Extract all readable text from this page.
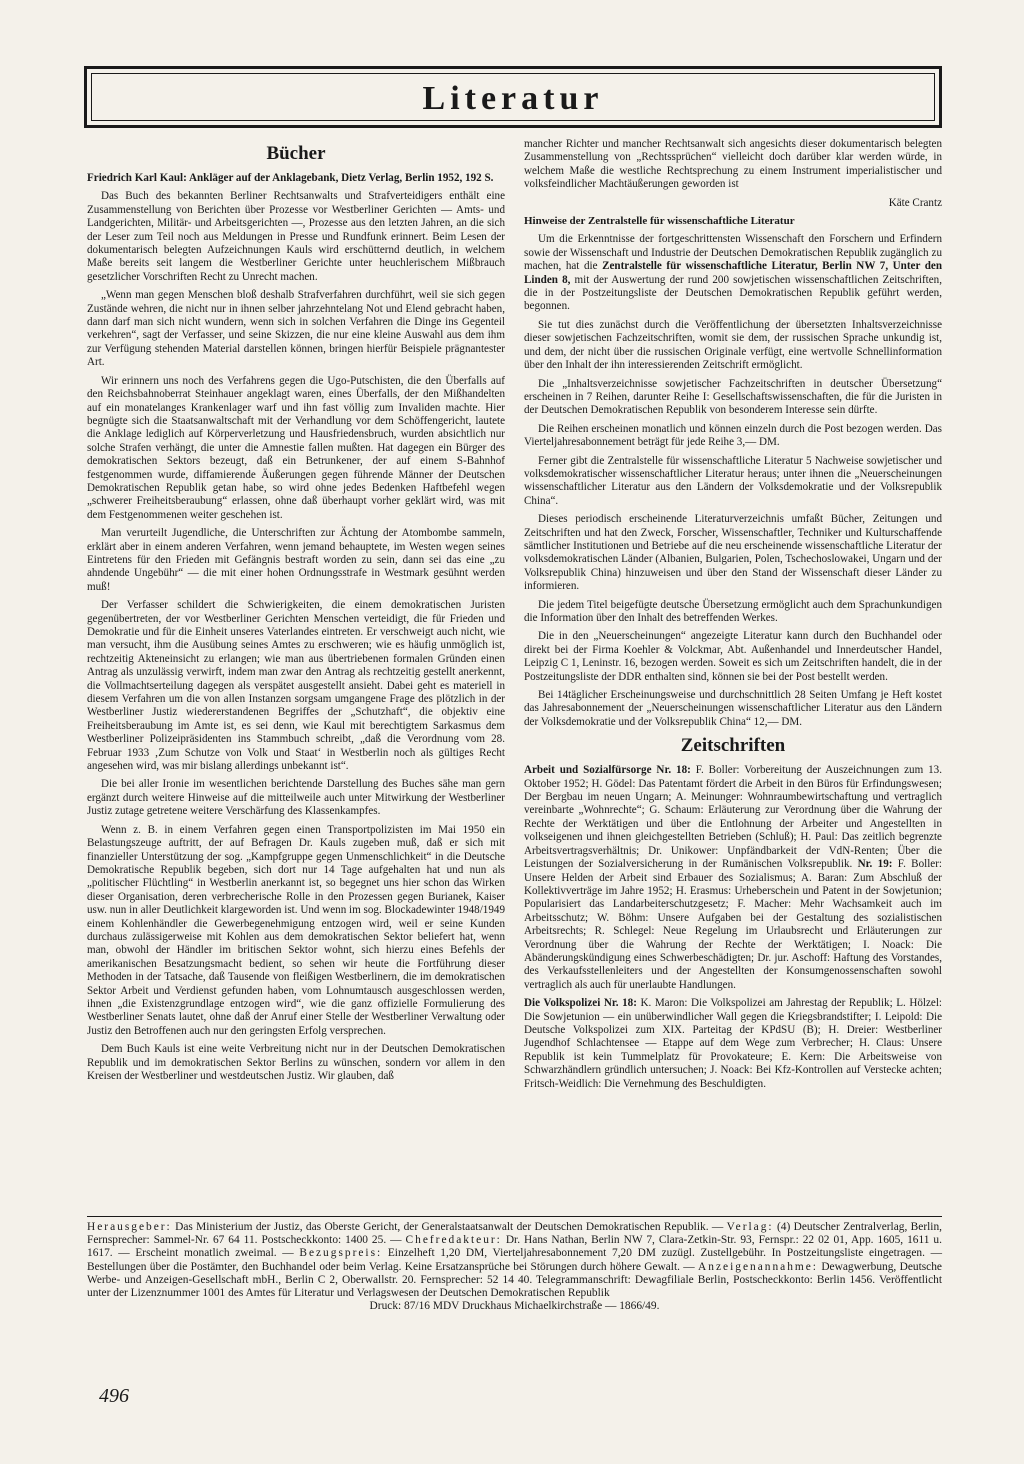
Literatur
Bücher

Friedrich Karl Kaul: Ankläger auf der Anklagebank, Dietz Verlag, Berlin 1952, 192 S.

Das Buch des bekannten Berliner Rechtsanwalts und Strafverteidigers enthält eine Zusammenstellung von Berichten über Prozesse vor Westberliner Gerichten — Amts- und Landgerichten, Militär- und Arbeitsgerichten —, Prozesse aus den letzten Jahren, an die sich der Leser zum Teil noch aus Meldungen in Presse und Rundfunk erinnert. Beim Lesen der dokumentarisch belegten Aufzeichnungen Kauls wird erschütternd deutlich, in welchem Maße bereits seit langem die Westberliner Gerichte unter heuchlerischem Mißbrauch gesetzlicher Vorschriften Recht zu Unrecht machen.

„Wenn man gegen Menschen bloß deshalb Strafverfahren durchführt, weil sie sich gegen Zustände wehren, die nicht nur in ihnen selber jahrzehntelang Not und Elend gebracht haben, dann darf man sich nicht wundern, wenn sich in solchen Verfahren die Dinge ins Gegenteil verkehren“, sagt der Verfasser, und seine Skizzen, die nur eine kleine Auswahl aus dem ihm zur Verfügung stehenden Material darstellen können, bringen hierfür Beispiele prägnantester Art.

Wir erinnern uns noch des Verfahrens gegen die Ugo-Putschisten, die den Überfalls auf den Reichsbahnoberrat Steinhauer angeklagt waren, eines Überfalls, der den Mißhandelten auf ein monatelanges Krankenlager warf und ihn fast völlig zum Invaliden machte. Hier begnügte sich die Staatsanwaltschaft mit der Verhandlung vor dem Schöffengericht, lautete die Anklage lediglich auf Körperverletzung und Hausfriedensbruch, wurden absichtlich nur solche Strafen verhängt, die unter die Amnestie fallen mußten. Hat dagegen ein Bürger des demokratischen Sektors bezeugt, daß ein Betrunkener, der auf einem S-Bahnhof festgenommen wurde, diffamierende Äußerungen gegen führende Männer der Deutschen Demokratischen Republik getan habe, so wird ohne jedes Bedenken Haftbefehl wegen „schwerer Freiheitsberaubung“ erlassen, ohne daß überhaupt vorher geklärt wird, was mit dem Festgenommenen weiter geschehen ist.

Man verurteilt Jugendliche, die Unterschriften zur Ächtung der Atombombe sammeln, erklärt aber in einem anderen Verfahren, wenn jemand behauptete, im Westen wegen seines Eintretens für den Frieden mit Gefängnis bestraft worden zu sein, dann sei das eine „zu ahndende Ungebühr“ — die mit einer hohen Ordnungsstrafe in Westmark gesühnt werden muß!

Der Verfasser schildert die Schwierigkeiten, die einem demokratischen Juristen gegenübertreten, der vor Westberliner Gerichten Menschen verteidigt, die für Frieden und Demokratie und für die Einheit unseres Vaterlandes eintreten. Er verschweigt auch nicht, wie man versucht, ihm die Ausübung seines Amtes zu erschweren; wie es häufig unmöglich ist, rechtzeitig Akteneinsicht zu erlangen; wie man aus übertriebenen formalen Gründen einen Antrag als unzulässig verwirft, indem man zwar den Antrag als rechtzeitig gestellt anerkennt, die Vollmachtserteilung dagegen als verspätet ausgestellt ansieht. Dabei geht es materiell in diesem Verfahren um die von allen Instanzen sorgsam umgangene Frage des plötzlich in der Westberliner Justiz wiedererstandenen Begriffes der „Schutzhaft“, die objektiv eine Freiheitsberaubung im Amte ist, es sei denn, wie Kaul mit berechtigtem Sarkasmus dem Westberliner Polizeipräsidenten ins Stammbuch schreibt, „daß die Verordnung vom 28. Februar 1933 ‚Zum Schutze von Volk und Staat‘ in Westberlin noch als gültiges Recht angesehen wird, was mir bislang allerdings unbekannt ist“.

Die bei aller Ironie im wesentlichen berichtende Darstellung des Buches sähe man gern ergänzt durch weitere Hinweise auf die mitteilweile auch unter Mitwirkung der Westberliner Justiz zutage getretene weitere Verschärfung des Klassenkampfes.

Wenn z. B. in einem Verfahren gegen einen Transportpolizisten im Mai 1950 ein Belastungszeuge auftritt, der auf Befragen Dr. Kauls zugeben muß, daß er sich mit finanzieller Unterstützung der sog. „Kampfgruppe gegen Unmenschlichkeit“ in die Deutsche Demokratische Republik begeben, sich dort nur 14 Tage aufgehalten hat und nun als „politischer Flüchtling“ in Westberlin anerkannt ist, so begegnet uns hier schon das Wirken dieser Organisation, deren verbrecherische Rolle in den Prozessen gegen Burianek, Kaiser usw. nun in aller Deutlichkeit klargeworden ist. Und wenn im sog. Blockadewinter 1948/1949 einem Kohlenhändler die Gewerbegenehmigung entzogen wird, weil er seine Kunden durchaus zulässigerweise mit Kohlen aus dem demokratischen Sektor beliefert hat, wenn man, obwohl der Händler im britischen Sektor wohnt, sich hierzu eines Befehls der amerikanischen Besatzungsmacht bedient, so sehen wir heute die Fortführung dieser Methoden in der Tatsache, daß Tausende von fleißigen Westberlinern, die im demokratischen Sektor Arbeit und Verdienst gefunden haben, vom Lohnumtausch ausgeschlossen werden, ihnen „die Existenzgrundlage entzogen wird“, wie die ganz offizielle Formulierung des Westberliner Senats lautet, ohne daß der Anruf einer Stelle der Westberliner Verwaltung oder Justiz den Betroffenen auch nur den geringsten Erfolg versprechen.

Dem Buch Kauls ist eine weite Verbreitung nicht nur in der Deutschen Demokratischen Republik und im demokratischen Sektor Berlins zu wünschen, sondern vor allem in den Kreisen der Westberliner und westdeutschen Justiz. Wir glauben, daß

mancher Richter und mancher Rechtsanwalt sich angesichts dieser dokumentarisch belegten Zusammenstellung von „Rechtssprüchen“ vielleicht doch darüber klar werden würde, in welchem Maße die westliche Rechtsprechung zu einem Instrument imperialistischer und volksfeindlicher Machtäußerungen geworden ist

Käte Crantz

Hinweise der Zentralstelle für wissenschaftliche Literatur

Um die Erkenntnisse der fortgeschrittensten Wissenschaft den Forschern und Erfindern sowie der Wissenschaft und Industrie der Deutschen Demokratischen Republik zugänglich zu machen, hat die Zentralstelle für wissenschaftliche Literatur, Berlin NW 7, Unter den Linden 8, mit der Auswertung der rund 200 sowjetischen wissenschaftlichen Zeitschriften, die in der Postzeitungsliste der Deutschen Demokratischen Republik geführt werden, begonnen.

Sie tut dies zunächst durch die Veröffentlichung der übersetzten Inhaltsverzeichnisse dieser sowjetischen Fachzeitschriften, womit sie dem, der russischen Sprache unkundig ist, und dem, der nicht über die russischen Originale verfügt, eine wertvolle Schnellinformation über den Inhalt der ihn interessierenden Zeitschrift ermöglicht.

Die „Inhaltsverzeichnisse sowjetischer Fachzeitschriften in deutscher Übersetzung“ erscheinen in 7 Reihen, darunter Reihe I: Gesellschaftswissenschaften, die für die Juristen in der Deutschen Demokratischen Republik von besonderem Interesse sein dürfte.

Die Reihen erscheinen monatlich und können einzeln durch die Post bezogen werden. Das Vierteljahresabonnement beträgt für jede Reihe 3,— DM.

Ferner gibt die Zentralstelle für wissenschaftliche Literatur 5 Nachweise sowjetischer und volksdemokratischer wissenschaftlicher Literatur heraus; unter ihnen die „Neuerscheinungen wissenschaftlicher Literatur aus den Ländern der Volksdemokratie und der Volksrepublik China“.

Dieses periodisch erscheinende Literaturverzeichnis umfaßt Bücher, Zeitungen und Zeitschriften und hat den Zweck, Forscher, Wissenschaftler, Techniker und Kulturschaffende sämtlicher Institutionen und Betriebe auf die neu erscheinende wissenschaftliche Literatur der volksdemokratischen Länder (Albanien, Bulgarien, Polen, Tschechoslowakei, Ungarn und der Volksrepublik China) hinzuweisen und über den Stand der Wissenschaft dieser Länder zu informieren.

Die jedem Titel beigefügte deutsche Übersetzung ermöglicht auch dem Sprachunkundigen die Information über den Inhalt des betreffenden Werkes.

Die in den „Neuerscheinungen“ angezeigte Literatur kann durch den Buchhandel oder direkt bei der Firma Koehler & Volckmar, Abt. Außenhandel und Innerdeutscher Handel, Leipzig C 1, Leninstr. 16, bezogen werden. Soweit es sich um Zeitschriften handelt, die in der Postzeitungsliste der DDR enthalten sind, können sie bei der Post bestellt werden.

Bei 14täglicher Erscheinungsweise und durchschnittlich 28 Seiten Umfang je Heft kostet das Jahresabonnement der „Neuerscheinungen wissenschaftlicher Literatur aus den Ländern der Volksdemokratie und der Volksrepublik China“ 12,— DM.

Zeitschriften

Arbeit und Sozialfürsorge Nr. 18: F. Boller: Vorbereitung der Auszeichnungen zum 13. Oktober 1952; H. Gödel: Das Patentamt fördert die Arbeit in den Büros für Erfindungswesen; Der Bergbau im neuen Ungarn; A. Meinunger: Wohnraumbewirtschaftung und vertraglich vereinbarte „Wohnrechte“; G. Schaum: Erläuterung zur Verordnung über die Wahrung der Rechte der Werktätigen und über die Entlohnung der Arbeiter und Angestellten in volkseigenen und ihnen gleichgestellten Betrieben (Schluß); H. Paul: Das zeitlich begrenzte Arbeitsvertragsverhältnis; Dr. Unikower: Unpfändbarkeit der VdN-Renten; Über die Leistungen der Sozialversicherung in der Rumänischen Volksrepublik. Nr. 19: F. Boller: Unsere Helden der Arbeit sind Erbauer des Sozialismus; A. Baran: Zum Abschluß der Kollektivverträge im Jahre 1952; H. Erasmus: Urheberschein und Patent in der Sowjetunion; Popularisiert das Landarbeiterschutzgesetz; F. Macher: Mehr Wachsamkeit auch im Arbeitsschutz; W. Böhm: Unsere Aufgaben bei der Gestaltung des sozialistischen Arbeitsrechts; R. Schlegel: Neue Regelung im Urlaubsrecht und Erläuterungen zur Verordnung über die Wahrung der Rechte der Werktätigen; I. Noack: Die Abänderungskündigung eines Schwerbeschädigten; Dr. jur. Aschoff: Haftung des Vorstandes, des Verkaufsstellenleiters und der Angestellten der Konsumgenossenschaften sowohl vertraglich als auch für unerlaubte Handlungen.

Die Volkspolizei Nr. 18: K. Maron: Die Volkspolizei am Jahrestag der Republik; L. Hölzel: Die Sowjetunion — ein unüberwindlicher Wall gegen die Kriegsbrandstifter; I. Leipold: Die Deutsche Volkspolizei zum XIX. Parteitag der KPdSU (B); H. Dreier: Westberliner Jugendhof Schlachtensee — Etappe auf dem Wege zum Verbrecher; H. Claus: Unsere Republik ist kein Tummelplatz für Provokateure; E. Kern: Die Arbeitsweise von Schwarzhändlern gründlich untersuchen; J. Noack: Bei Kfz-Kontrollen auf Verstecke achten; Fritsch-Weidlich: Die Vernehmung des Beschuldigten.

Herausgeber: Das Ministerium der Justiz, das Oberste Gericht, der Generalstaatsanwalt der Deutschen Demokratischen Republik. — Verlag: (4) Deutscher Zentralverlag, Berlin, Fernsprecher: Sammel-Nr. 67 64 11. Postscheckkonto: 1400 25. — Chefredakteur: Dr. Hans Nathan, Berlin NW 7, Clara-Zetkin-Str. 93, Fernspr.: 22 02 01, App. 1605, 1611 u. 1617. — Erscheint monatlich zweimal. — Bezugspreis: Einzelheft 1,20 DM, Vierteljahresabonnement 7,20 DM zuzügl. Zustellgebühr. In Postzeitungsliste eingetragen. — Bestellungen über die Postämter, den Buchhandel oder beim Verlag. Keine Ersatzansprüche bei Störungen durch höhere Gewalt. — Anzeigenannahme: Dewagwerbung, Deutsche Werbe- und Anzeigen-Gesellschaft mbH., Berlin C 2, Oberwallstr. 20. Fernsprecher: 52 14 40. Telegrammanschrift: Dewagfiliale Berlin, Postscheckkonto: Berlin 1456. Veröffentlicht unter der Lizenznummer 1001 des Amtes für Literatur und Verlagswesen der Deutschen Demokratischen Republik

Druck: 87/16 MDV Druckhaus Michaelkirchstraße — 1866/49.

496
